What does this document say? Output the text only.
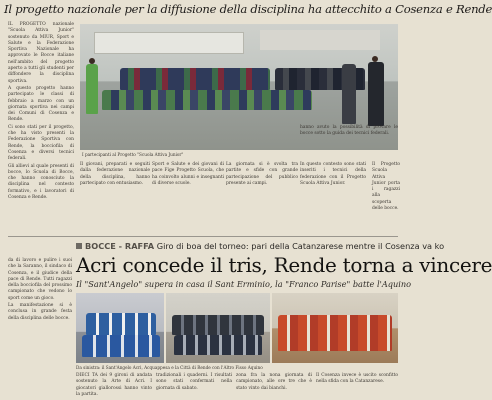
Il progetto nazionale per la diffusione della disciplina ha attecchito a Cosenza e Rende

IL PROGETTO nazionale "Scuola Attiva Junior" sostenuto da MIUR, Sport e Salute e la Federazione Sportiva Nazionale ha approvato le Bocce italiane nell'ambito del progetto aperto a tutti gli studenti per diffondere la disciplina sportiva.

A questo progetto hanno partecipato le classi di febbraio a marzo con un giornata sportiva nei campi dei Comuni di Cosenza e Rende.

Ci sono stati per il progetto, che ha visto presenti la Federazione Sportiva con Rende, la bocciofila di Cosenza e diversi tecnici federali.

Gli allievi al quale presenti di bocce, lo Scuola di Bocce, che hanno conosciuto la disciplina nel contesto formativo, e i lavoratori di Cosenza e Rende.

I partecipanti al Progetto "Scuola Attiva Junior"
hanno avuto la possibilità di provare le bocce sotto la guida dei tecnici federali.
Il giovani, preparati e seguiti dalla federazione nazionale della disciplina, hanno partecipato con entusiasmo.
Sport e Salute e dei giovani di pace Fige Progetto Scuola, che ha coinvolto alunni e insegnanti di diverse scuole.
La giornata si è svolta tra partite e sfide con grande partecipazione del pubblico presente ai campi.
In questo contesto sono stati inseriti i tecnici della federazione con il Progetto Scuola Attiva Junior.
Il Progetto Scuola Attiva Junior porta i ragazzi alla scoperta delle bocce.
BOCCE - RAFFA Giro di boa del torneo: pari della Catanzarese mentre il Cosenza va ko
Acri concede il tris, Rende torna a vincere
Il "Sant'Angelo" supera in casa il Sant Erminio, la "Franco Parise" batte l'Aquino

da di lavoro e pulire i suoi che la Saranno, il sindaco di Cosenza, e il giudice della pace di Rende. Tutti ragazzi della bocciofila del prossimo campionato che vedono lo sport come un gioco.

La manifestazione si è conclusa in grande festa della disciplina delle bocce.

Da sinistra: il Sant'Angelo Acri, Acquappesa e la Città di Rende con l'Altro Fisso Aquino
DIECI TA dei 9 gironi di andata sostenuto la Arte di Acri. I giocatori giallorossi hanno vinto la partita.
tradizionali i quaderni. I risultati sono stati confermati nella giornata di sabato.
zona fra la nona giornata di campionato, alle ore tre che è stato vinto dai bianchi.
Il Cosenza invece è uscito sconfitto nella sfida con la Catanzarese.
